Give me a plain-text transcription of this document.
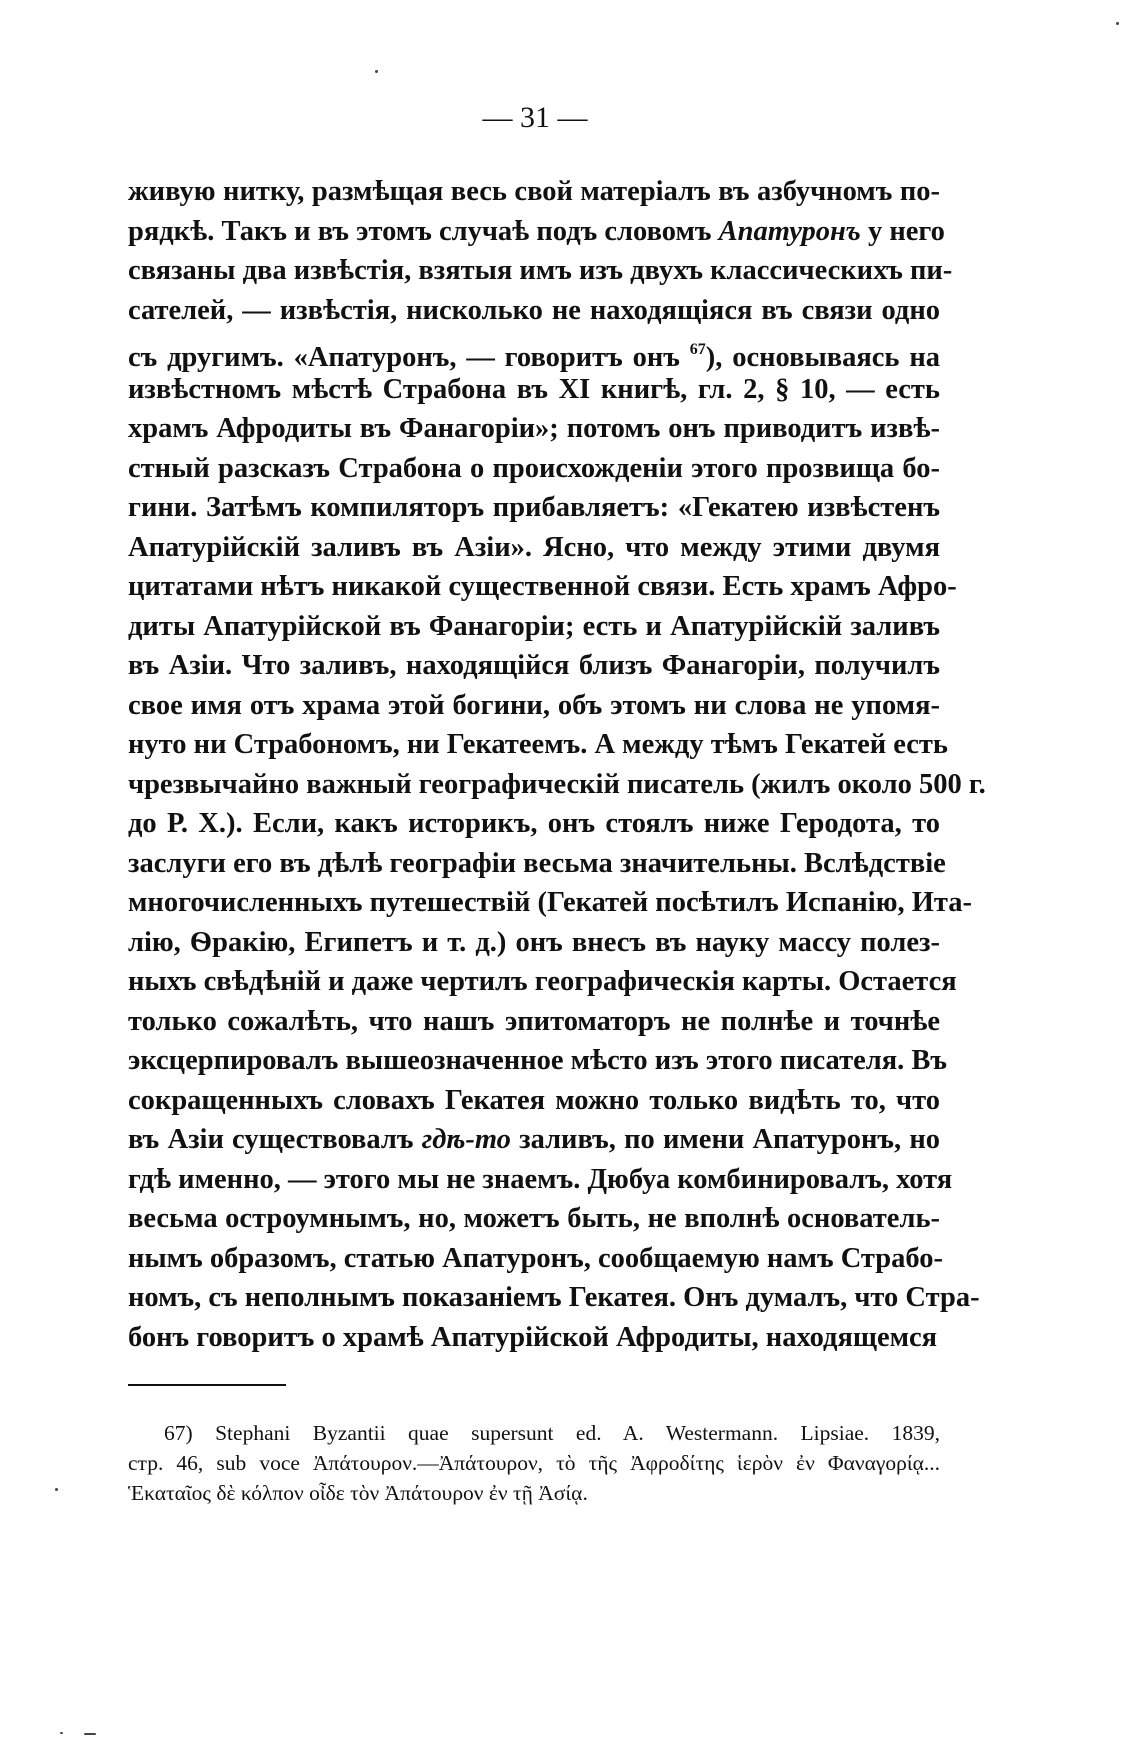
— 31 —
живую нитку, размѣщая весь свой матеріалъ въ азбучномъ по-
рядкѣ. Такъ и въ этомъ случаѣ подъ словомъ Апатуронъ у него
связаны два извѣстія, взятыя имъ изъ двухъ классическихъ пи-
сателей, — извѣстія, нисколько не находящіяся въ связи одно
съ другимъ. «Апатуронъ, — говоритъ онъ $^{67}$), основываясь на
извѣстномъ мѣстѣ Страбона въ XI книгѣ, гл. 2, § 10, — есть
храмъ Афродиты въ Фанагоріи»; потомъ онъ приводитъ извѣ-
стный разсказъ Страбона о происхожденіи этого прозвища бо-
гини. Затѣмъ компиляторъ прибавляетъ: «Гекатею извѣстенъ
Апатурійскій заливъ въ Азіи». Ясно, что между этими двумя
цитатами нѣтъ никакой существенной связи. Есть храмъ Афро-
диты Апатурійской въ Фанагоріи; есть и Апатурійскій заливъ
въ Азіи. Что заливъ, находящійся близъ Фанагоріи, получилъ
свое имя отъ храма этой богини, объ этомъ ни слова не упомя-
нуто ни Страбономъ, ни Гекатеемъ. А между тѣмъ Гекатей есть
чрезвычайно важный географическій писатель (жилъ около 500 г.
до Р. X.). Если, какъ историкъ, онъ стоялъ ниже Геродота, то
заслуги его въ дѣлѣ географіи весьма значительны. Вслѣдствіе
многочисленныхъ путешествій (Гекатей посѣтилъ Испанію, Ита-
лію, Ѳракію, Египетъ и т. д.) онъ внесъ въ науку массу полез-
ныхъ свѣдѣній и даже чертилъ географическія карты. Остается
только сожалѣть, что нашъ эпитоматоръ не полнѣе и точнѣе
эксцерпировалъ вышеозначенное мѣсто изъ этого писателя. Въ
сокращенныхъ словахъ Гекатея можно только видѣть то, что
въ Азіи существовалъ гдѣ-то заливъ, по имени Апатуронъ, но
гдѣ именно, — этого мы не знаемъ. Дюбуа комбинировалъ, хотя
весьма остроумнымъ, но, можетъ быть, не вполнѣ основатель-
нымъ образомъ, статью Апатуронъ, сообщаемую намъ Страбо-
номъ, съ неполнымъ показаніемъ Гекатея. Онъ думалъ, что Стра-
бонъ говоритъ о храмѣ Апатурійской Афродиты, находящемся
67) Stephani Byzantii quae supersunt ed. A. Westermann. Lipsiae. 1839,
стр. 46, sub voce Ἀπάτουρον.—Ἀπάτουρον, τὸ τῆς Ἀφροδίτης ἱερὸν ἐν Φαναγορίᾳ...
Ἑκαταῖος δὲ κόλπον οἶδε τὸν Ἀπάτουρον ἐν τῇ Ἀσίᾳ.
